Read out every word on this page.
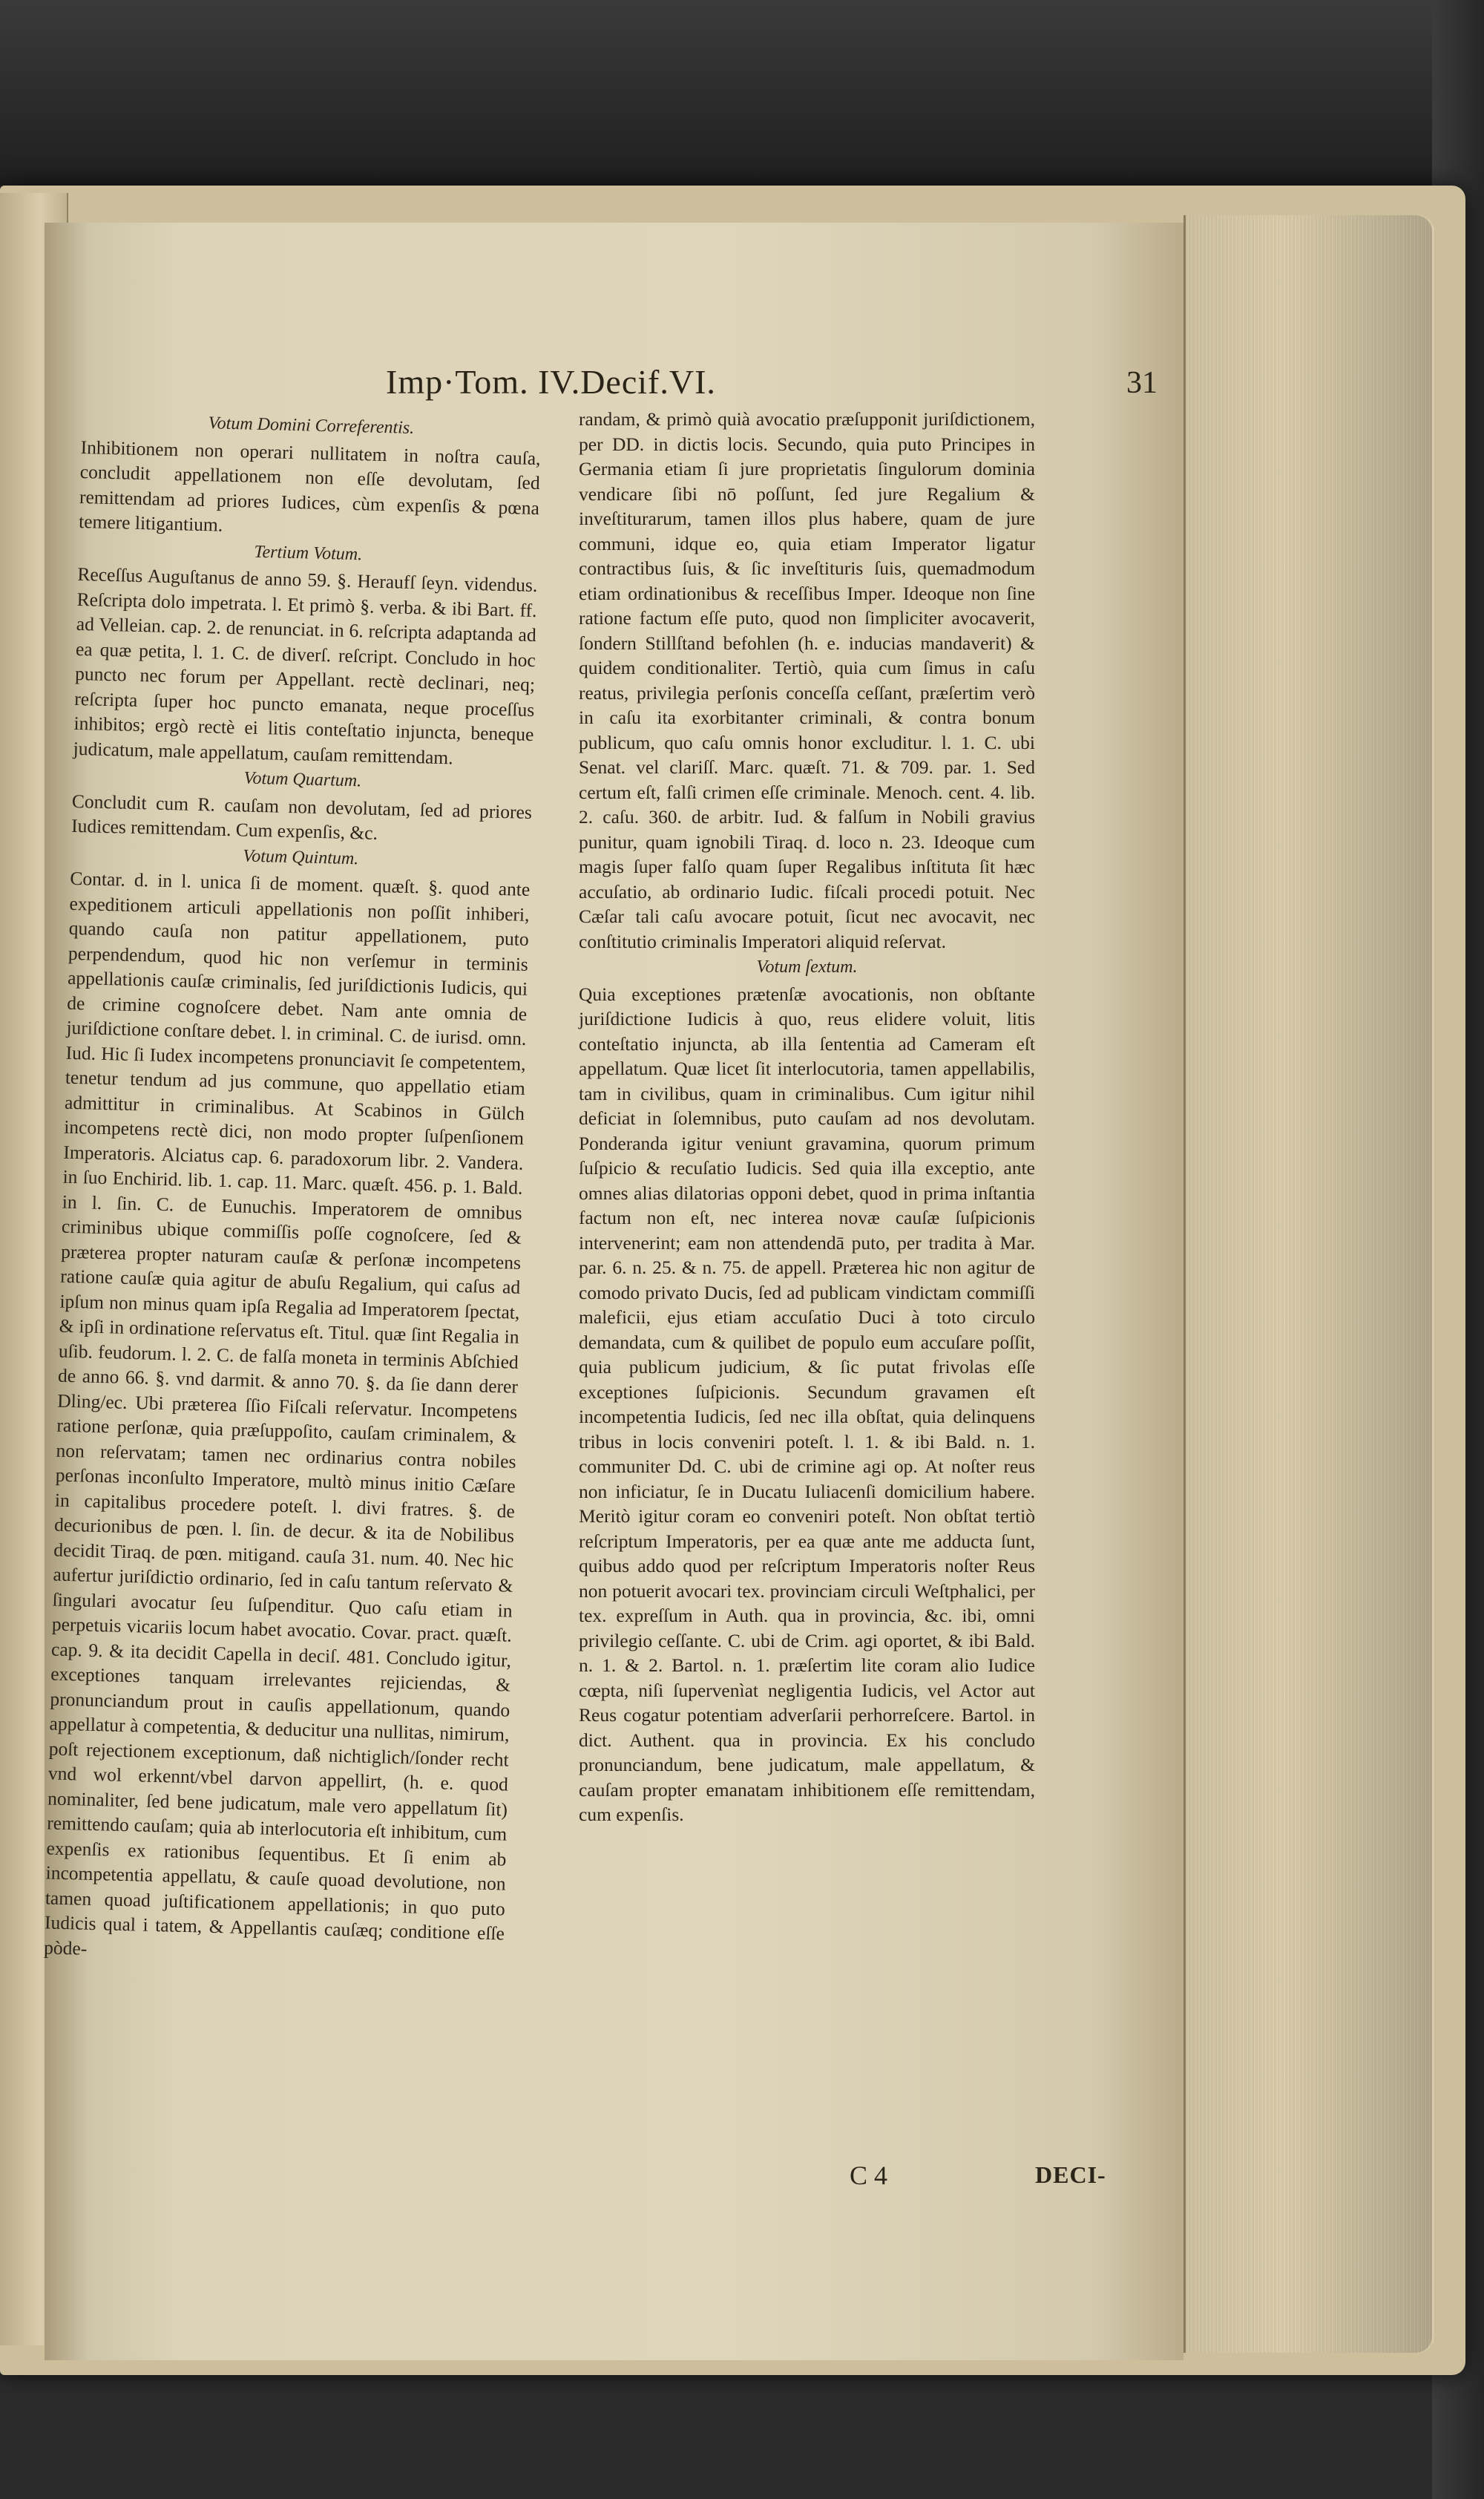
Imp·Tom. IV.Decif.VI.	31

Votum Domini Correferentis.

Inhibitionem non operari nullitatem in noſtra cauſa, concludit appellationem non eſſe devolutam, ſed remittendam ad priores Iudices, cùm expenſis & pœna temere litigantium.

Tertium Votum.

Receſſus Auguſtanus de anno 59. §. Heraufſ ſeyn. videndus. Reſcripta dolo impetrata. l. Et primò §. verba. & ibi Bart. ff. ad Velleian. cap. 2. de renunciat. in 6. reſcripta adaptanda ad ea quæ petita, l. 1. C. de diverſ. reſcript. Concludo in hoc puncto nec forum per Appellant. rectè declinari, neq; reſcripta ſuper hoc puncto emanata, neque proceſſus inhibitos; ergò rectè ei litis conteſtatio injuncta, beneque judicatum, male appellatum, cauſam remittendam.

Votum Quartum.

Concludit cum R. cauſam non devolutam, ſed ad priores Iudices remittendam. Cum expenſis, &c.

Votum Quintum.

Contar. d. in l. unica ſi de moment. quæſt. §. quod ante expeditionem articuli appellationis non poſſit inhiberi, quando cauſa non patitur appellationem, puto perpendendum, quod hic non verſemur in terminis appellationis cauſæ criminalis, ſed juriſdictionis Iudicis, qui de crimine cognoſcere debet. Nam ante omnia de juriſdictione conſtare debet. l. in criminal. C. de iurisd. omn. Iud. Hic ſi Iudex incompetens pronunciavit ſe competentem, tenetur tendum ad jus commune, quo appellatio etiam admittitur in criminalibus. At Scabinos in Gülch incompetens rectè dici, non modo propter ſuſpenſionem Imperatoris. Alciatus cap. 6. paradoxorum libr. 2. Vandera. in ſuo Enchirid. lib. 1. cap. 11. Marc. quæſt. 456. p. 1. Bald. in l. ſin. C. de Eunuchis. Imperatorem de omnibus criminibus ubique commiſſis poſſe cognoſcere, ſed & præterea propter naturam cauſæ & perſonæ incompetens ratione cauſæ quia agitur de abuſu Regalium, qui caſus ad ipſum non minus quam ipſa Regalia ad Imperatorem ſpectat, & ipſi in ordinatione reſervatus eſt. Titul. quæ ſint Regalia in uſib. feudorum. l. 2. C. de falſa moneta in terminis Abſchied de anno 66. §. vnd darmit. & anno 70. §. da ſie dann derer Dling/ec. Ubi præterea ſſio Fiſcali reſervatur. Incompetens ratione perſonæ, quia præſuppoſito, cauſam criminalem, & non reſervatam; tamen nec ordinarius contra nobiles perſonas inconſulto Imperatore, multò minus initio Cæſare in capitalibus procedere poteſt. l. divi fratres. §. de decurionibus de pœn. l. ſin. de decur. & ita de Nobilibus decidit Tiraq. de pœn. mitigand. cauſa 31. num. 40. Nec hic aufertur juriſdictio ordinario, ſed in caſu tantum reſervato & ſingulari avocatur ſeu ſuſpenditur. Quo caſu etiam in perpetuis vicariis locum habet avocatio. Covar. pract. quæſt. cap. 9. & ita decidit Capella in deciſ. 481. Concludo igitur, exceptiones tanquam irrelevantes rejiciendas, & pronunciandum prout in cauſis appellationum, quando appellatur à competentia, & deducitur una nullitas, nimirum, poſt rejectionem exceptionum, daß nichtiglich/ſonder recht vnd wol erkennt/vbel darvon appellirt, (h. e. quod nominaliter, ſed bene judicatum, male vero appellatum ſit) remittendo cauſam; quia ab interlocutoria eſt inhibitum, cum expenſis ex rationibus ſequentibus. Et ſi enim ab incompetentia appellatu, & cauſe quoad devolutione, non tamen quoad juſtificationem appellationis; in quo puto Iudicis qual i tatem, & Appellantis cauſæq; conditione eſſe pòde-

randam, & primò quià avocatio præſupponit juriſdictionem, per DD. in dictis locis. Secundo, quia puto Principes in Germania etiam ſi jure proprietatis ſingulorum dominia vendicare ſibi nō poſſunt, ſed jure Regalium & inveſtiturarum, tamen illos plus habere, quam de jure communi, idque eo, quia etiam Imperator ligatur contractibus ſuis, & ſic inveſtituris ſuis, quemadmodum etiam ordinationibus & receſſibus Imper. Ideoque non ſine ratione factum eſſe puto, quod non ſimpliciter avocaverit, ſondern Stillſtand befohlen (h. e. inducias mandaverit) & quidem conditionaliter. Tertiò, quia cum ſimus in caſu reatus, privilegia perſonis conceſſa ceſſant, præſertim verò in caſu ita exorbitanter criminali, & contra bonum publicum, quo caſu omnis honor excluditur. l. 1. C. ubi Senat. vel clariſſ. Marc. quæſt. 71. & 709. par. 1. Sed certum eſt, falſi crimen eſſe criminale. Menoch. cent. 4. lib. 2. caſu. 360. de arbitr. Iud. & falſum in Nobili gravius punitur, quam ignobili Tiraq. d. loco n. 23. Ideoque cum magis ſuper falſo quam ſuper Regalibus inſtituta ſit hæc accuſatio, ab ordinario Iudic. fiſcali procedi potuit. Nec Cæſar tali caſu avocare potuit, ſicut nec avocavit, nec conſtitutio criminalis Imperatori aliquid reſervat.

Votum ſextum.

Quia exceptiones prætenſæ avocationis, non obſtante juriſdictione Iudicis à quo, reus elidere voluit, litis conteſtatio injuncta, ab illa ſententia ad Cameram eſt appellatum. Quæ licet ſit interlocutoria, tamen appellabilis, tam in civilibus, quam in criminalibus. Cum igitur nihil deficiat in ſolemnibus, puto cauſam ad nos devolutam. Ponderanda igitur veniunt gravamina, quorum primum ſuſpicio & recuſatio Iudicis. Sed quia illa exceptio, ante omnes alias dilatorias opponi debet, quod in prima inſtantia factum non eſt, nec interea novæ cauſæ ſuſpicionis intervenerint; eam non attendendā puto, per tradita à Mar. par. 6. n. 25. & n. 75. de appell. Præterea hic non agitur de comodo privato Ducis, ſed ad publicam vindictam commiſſi maleficii, ejus etiam accuſatio Duci à toto circulo demandata, cum & quilibet de populo eum accuſare poſſit, quia publicum judicium, & ſic putat frivolas eſſe exceptiones ſuſpicionis. Secundum gravamen eſt incompetentia Iudicis, ſed nec illa obſtat, quia delinquens tribus in locis conveniri poteſt. l. 1. & ibi Bald. n. 1. communiter Dd. C. ubi de crimine agi op. At noſter reus non inficiatur, ſe in Ducatu Iuliacenſi domicilium habere. Meritò igitur coram eo conveniri poteſt. Non obſtat tertiò reſcriptum Imperatoris, per ea quæ ante me adducta ſunt, quibus addo quod per reſcriptum Imperatoris noſter Reus non potuerit avocari tex. provinciam circuli Weſtphalici, per tex. expreſſum in Auth. qua in provincia, &c. ibi, omni privilegio ceſſante. C. ubi de Crim. agi oportet, & ibi Bald. n. 1. & 2. Bartol. n. 1. præſertim lite coram alio Iudice cœpta, niſi ſupervenìat negligentia Iudicis, vel Actor aut Reus cogatur potentiam adverſarii perhorreſcere. Bartol. in dict. Authent. qua in provincia. Ex his concludo pronunciandum, bene judicatum, male appellatum, & cauſam propter emanatam inhibitionem eſſe remittendam, cum expenſis.

C 4	DECI-
